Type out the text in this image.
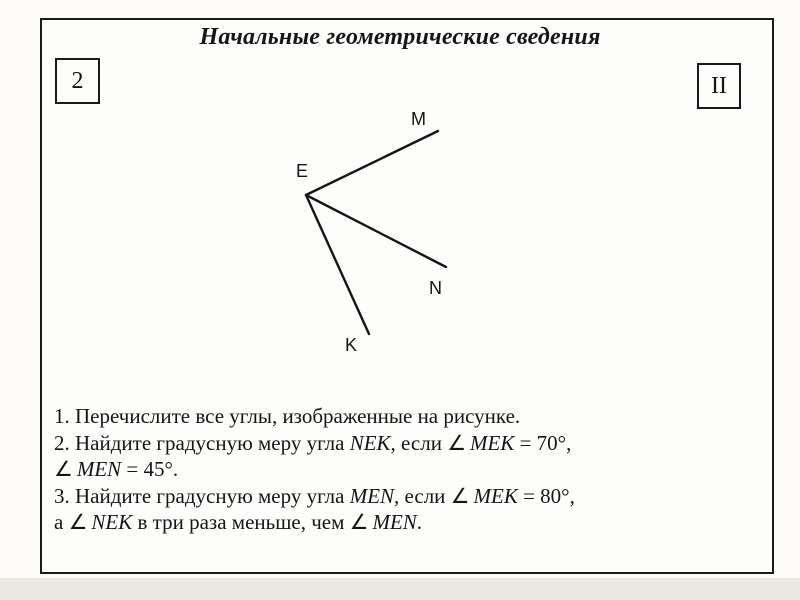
Начальные геометрические сведения
2	II
M
E
N
K
1. Перечислите все углы, изображенные на рисунке.
2. Найдите градусную меру угла NEK, если ∠ MEK = 70°,
∠ MEN = 45°.
3. Найдите градусную меру угла MEN, если ∠ MEK = 80°,
а ∠ NEK в три раза меньше, чем ∠ MEN.
